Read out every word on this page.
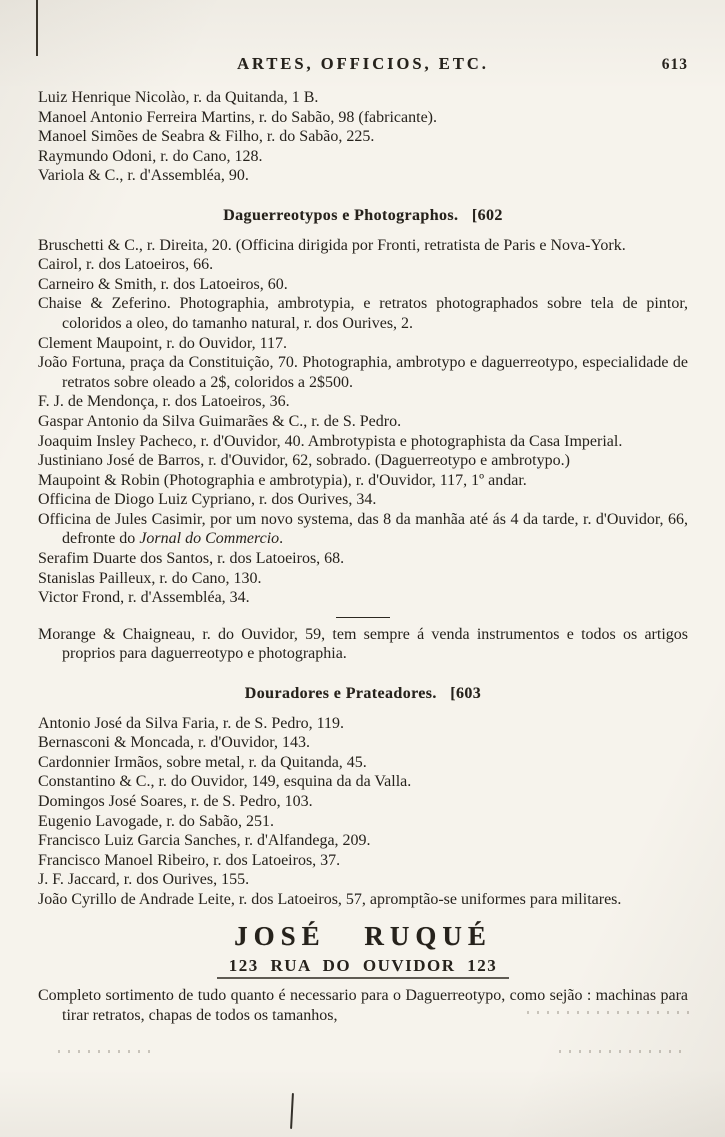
ARTES, OFFICIOS, ETC.	613

Luiz Henrique Nicolào, r. da Quitanda, 1 B.

Manoel Antonio Ferreira Martins, r. do Sabão, 98 (fabricante).

Manoel Simões de Seabra & Filho, r. do Sabão, 225.

Raymundo Odoni, r. do Cano, 128.

Variola & C., r. d'Assembléa, 90.

Daguerreotypos e Photographos. [602

Bruschetti & C., r. Direita, 20. (Officina dirigida por Fronti, retratista de Paris e Nova-York.

Cairol, r. dos Latoeiros, 66.

Carneiro & Smith, r. dos Latoeiros, 60.

Chaise & Zeferino. Photographia, ambrotypia, e retratos photographados sobre tela de pintor, coloridos a oleo, do tamanho natural, r. dos Ourives, 2.

Clement Maupoint, r. do Ouvidor, 117.

João Fortuna, praça da Constituição, 70. Photographia, ambrotypo e daguerreotypo, especialidade de retratos sobre oleado a 2$, coloridos a 2$500.

F. J. de Mendonça, r. dos Latoeiros, 36.

Gaspar Antonio da Silva Guimarães & C., r. de S. Pedro.

Joaquim Insley Pacheco, r. d'Ouvidor, 40. Ambrotypista e photographista da Casa Imperial.

Justiniano José de Barros, r. d'Ouvidor, 62, sobrado. (Daguerreotypo e ambrotypo.)

Maupoint & Robin (Photographia e ambrotypia), r. d'Ouvidor, 117, 1º andar.

Officina de Diogo Luiz Cypriano, r. dos Ourives, 34.

Officina de Jules Casimir, por um novo systema, das 8 da manhãa até ás 4 da tarde, r. d'Ouvidor, 66, defronte do Jornal do Commercio.

Serafim Duarte dos Santos, r. dos Latoeiros, 68.

Stanislas Pailleux, r. do Cano, 130.

Victor Frond, r. d'Assembléa, 34.

Morange & Chaigneau, r. do Ouvidor, 59, tem sempre á venda instrumentos e todos os artigos proprios para daguerreotypo e photographia.

Douradores e Prateadores. [603

Antonio José da Silva Faria, r. de S. Pedro, 119.

Bernasconi & Moncada, r. d'Ouvidor, 143.

Cardonnier Irmãos, sobre metal, r. da Quitanda, 45.

Constantino & C., r. do Ouvidor, 149, esquina da da Valla.

Domingos José Soares, r. de S. Pedro, 103.

Eugenio Lavogade, r. do Sabão, 251.

Francisco Luiz Garcia Sanches, r. d'Alfandega, 209.

Francisco Manoel Ribeiro, r. dos Latoeiros, 37.

J. F. Jaccard, r. dos Ourives, 155.

João Cyrillo de Andrade Leite, r. dos Latoeiros, 57, apromptão-se uniformes para militares.

JOSÉ RUQUÉ
123 RUA DO OUVIDOR 123

Completo sortimento de tudo quanto é necessario para o Daguerreotypo, como sejão : machinas para tirar retratos, chapas de todos os tamanhos,
